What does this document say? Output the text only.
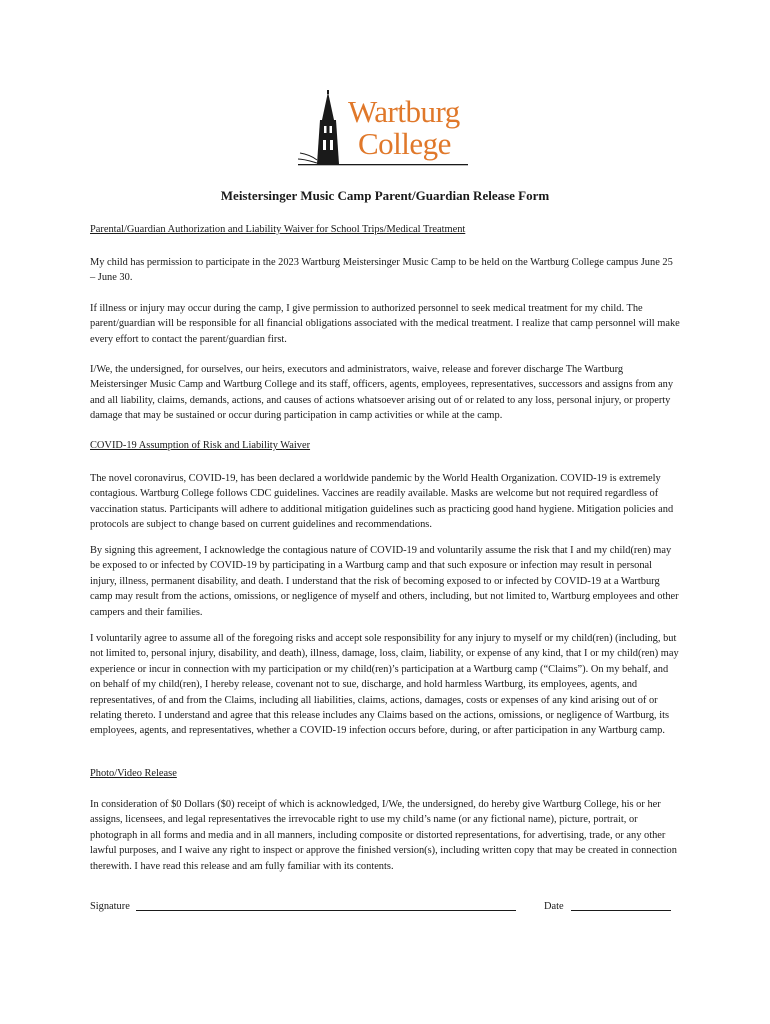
Wartburg
College
Meistersinger Music Camp Parent/Guardian Release Form

Parental/Guardian Authorization and Liability Waiver for School Trips/Medical Treatment

My child has permission to participate in the 2023 Wartburg Meistersinger Music Camp to be held on the Wartburg College campus June 25 – June 30.

If illness or injury may occur during the camp, I give permission to authorized personnel to seek medical treatment for my child. The parent/guardian will be responsible for all financial obligations associated with the medical treatment. I realize that camp personnel will make every effort to contact the parent/guardian first.

I/We, the undersigned, for ourselves, our heirs, executors and administrators, waive, release and forever discharge The Wartburg Meistersinger Music Camp and Wartburg College and its staff, officers, agents, employees, representatives, successors and assigns from any and all liability, claims, demands, actions, and causes of actions whatsoever arising out of or related to any loss, personal injury, or property damage that may be sustained or occur during participation in camp activities or while at the camp.

COVID-19 Assumption of Risk and Liability Waiver

The novel coronavirus, COVID-19, has been declared a worldwide pandemic by the World Health Organization. COVID-19 is extremely contagious. Wartburg College follows CDC guidelines. Vaccines are readily available. Masks are welcome but not required regardless of vaccination status. Participants will adhere to additional mitigation guidelines such as practicing good hand hygiene. Mitigation policies and protocols are subject to change based on current guidelines and recommendations.

By signing this agreement, I acknowledge the contagious nature of COVID-19 and voluntarily assume the risk that I and my child(ren) may be exposed to or infected by COVID-19 by participating in a Wartburg camp and that such exposure or infection may result in personal injury, illness, permanent disability, and death. I understand that the risk of becoming exposed to or infected by COVID-19 at a Wartburg camp may result from the actions, omissions, or negligence of myself and others, including, but not limited to, Wartburg employees and other campers and their families.

I voluntarily agree to assume all of the foregoing risks and accept sole responsibility for any injury to myself or my child(ren) (including, but not limited to, personal injury, disability, and death), illness, damage, loss, claim, liability, or expense of any kind, that I or my child(ren) may experience or incur in connection with my participation or my child(ren)’s participation at a Wartburg camp (“Claims”). On my behalf, and on behalf of my child(ren), I hereby release, covenant not to sue, discharge, and hold harmless Wartburg, its employees, agents, and representatives, of and from the Claims, including all liabilities, claims, actions, damages, costs or expenses of any kind arising out of or relating thereto. I understand and agree that this release includes any Claims based on the actions, omissions, or negligence of Wartburg, its employees, agents, and representatives, whether a COVID-19 infection occurs before, during, or after participation in any Wartburg camp.

Photo/Video Release

In consideration of $0 Dollars ($0) receipt of which is acknowledged, I/We, the undersigned, do hereby give Wartburg College, his or her assigns, licensees, and legal representatives the irrevocable right to use my child’s name (or any fictional name), picture, portrait, or photograph in all forms and media and in all manners, including composite or distorted representations, for advertising, trade, or any other lawful purposes, and I waive any right to inspect or approve the finished version(s), including written copy that may be created in connection therewith. I have read this release and am fully familiar with its contents.

Signature	Date
